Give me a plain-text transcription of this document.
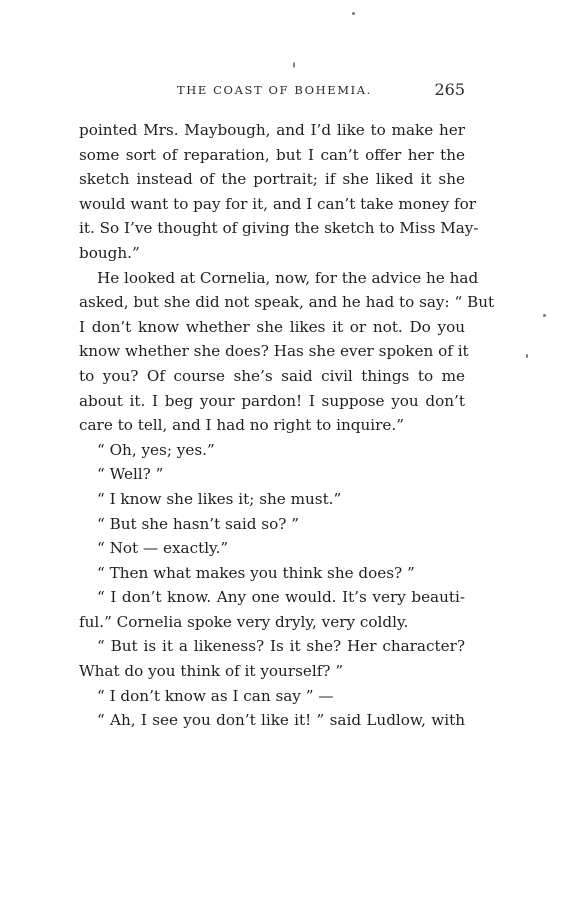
THE COAST OF BOHEMIA.	265
pointed Mrs. Maybough, and I’d like to make her
some sort of reparation, but I can’t offer her the
sketch instead of the portrait; if she liked it she
would want to pay for it, and I can’t take money for
it. So I’ve thought of giving the sketch to Miss May-
bough.”
He looked at Cornelia, now, for the advice he had
asked, but she did not speak, and he had to say: “ But
I don’t know whether she likes it or not. Do you
know whether she does? Has she ever spoken of it
to you? Of course she’s said civil things to me
about it. I beg your pardon! I suppose you don’t
care to tell, and I had no right to inquire.”
“ Oh, yes; yes.”
“ Well? ”
“ I know she likes it; she must.”
“ But she hasn’t said so? ”
“ Not — exactly.”
“ Then what makes you think she does? ”
“ I don’t know. Any one would. It’s very beauti-
ful.” Cornelia spoke very dryly, very coldly.
“ But is it a likeness? Is it she? Her character?
What do you think of it yourself? ”
“ I don’t know as I can say ” —
“ Ah, I see you don’t like it! ” said Ludlow, with
